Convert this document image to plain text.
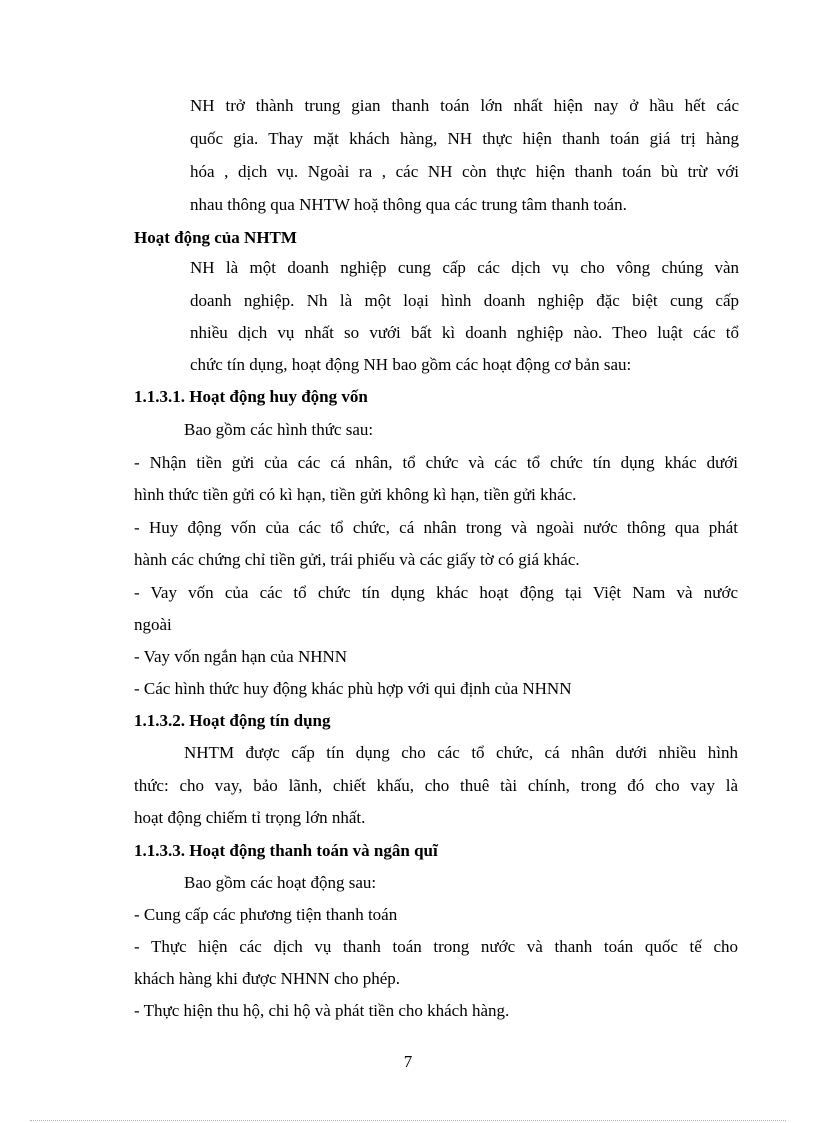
NH trở thành trung gian thanh toán lớn nhất hiện nay ở hầu hết các

quốc gia. Thay mặt khách hàng, NH thực hiện thanh toán giá trị hàng

hóa , dịch vụ. Ngoài ra , các NH còn thực hiện thanh toán bù trừ với

nhau thông qua NHTW hoặ thông qua các trung tâm thanh toán.

Hoạt động của NHTM

NH là một doanh nghiệp cung cấp các dịch vụ cho vông chúng vàn

doanh nghiệp. Nh là một loại hình doanh nghiệp đặc biệt cung cấp

nhiều dịch vụ nhất so vưới bất kì doanh nghiệp nào. Theo luật các tổ

chức tín dụng, hoạt động NH bao gồm các hoạt động cơ bản sau:

1.1.3.1. Hoạt động huy động vốn

Bao gồm các hình thức sau:

- Nhận tiền gửi của các cá nhân, tổ chức và các tổ chức tín dụng khác dưới

hình thức tiền gửi có kì hạn, tiền gửi không kì hạn, tiền gửi khác.

- Huy động vốn của các tổ chức, cá nhân trong và ngoài nước thông qua phát

hành các chứng chỉ tiền gửi, trái phiếu và các giấy tờ có giá khác.

- Vay vốn của các tổ chức tín dụng khác hoạt động tại Việt Nam và nước

ngoài

- Vay vốn ngắn hạn của NHNN

- Các hình thức huy động khác phù hợp với qui định của NHNN

1.1.3.2. Hoạt động tín dụng

NHTM được cấp tín dụng cho các tổ chức, cá nhân dưới nhiều hình

thức: cho vay, bảo lãnh, chiết khấu, cho thuê tài chính, trong đó cho vay là

hoạt động chiếm tỉ trọng lớn nhất.

1.1.3.3. Hoạt động thanh toán và ngân quĩ

Bao gồm các hoạt động sau:

- Cung cấp các phương tiện thanh toán

- Thực hiện các dịch vụ thanh toán trong nước và thanh toán quốc tế cho

khách hàng khi được NHNN cho phép.

- Thực hiện thu hộ, chi hộ và phát tiền cho khách hàng.

7
